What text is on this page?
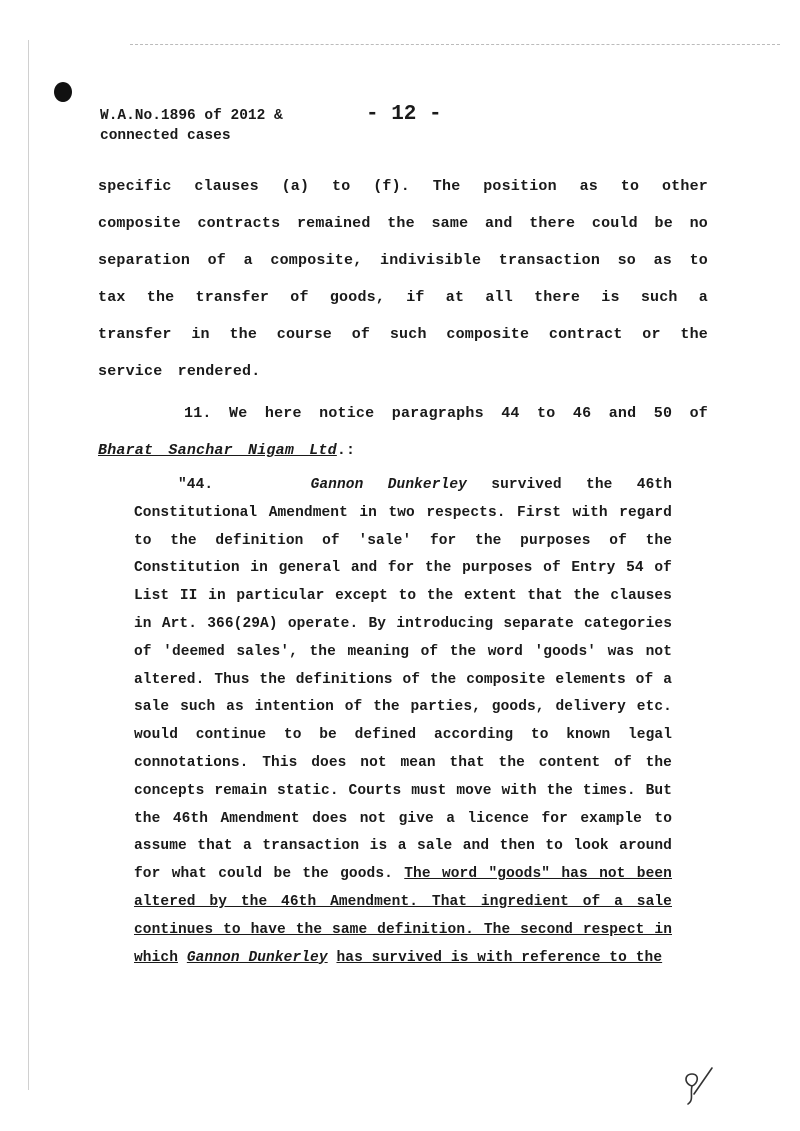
W.A.No.1896 of 2012 &
connected cases
- 12 -
specific clauses (a) to (f). The position as to other composite contracts remained the same and there could be no separation of a composite, indivisible transaction so as to tax the transfer of goods, if at all there is such a transfer in the course of such composite contract or the service rendered.
11. We here notice paragraphs 44 to 46 and 50 of Bharat Sanchar Nigam Ltd.:
"44.	Gannon Dunkerley survived the 46th Constitutional Amendment in two respects. First with regard to the definition of 'sale' for the purposes of the Constitution in general and for the purposes of Entry 54 of List II in particular except to the extent that the clauses in Art. 366(29A) operate. By introducing separate categories of 'deemed sales', the meaning of the word 'goods' was not altered. Thus the definitions of the composite elements of a sale such as intention of the parties, goods, delivery etc. would continue to be defined according to known legal connotations. This does not mean that the content of the concepts remain static. Courts must move with the times. But the 46th Amendment does not give a licence for example to assume that a transaction is a sale and then to look around for what could be the goods. The word "goods" has not been altered by the 46th Amendment. That ingredient of a sale continues to have the same definition. The second respect in which Gannon Dunkerley has survived is with reference to the
